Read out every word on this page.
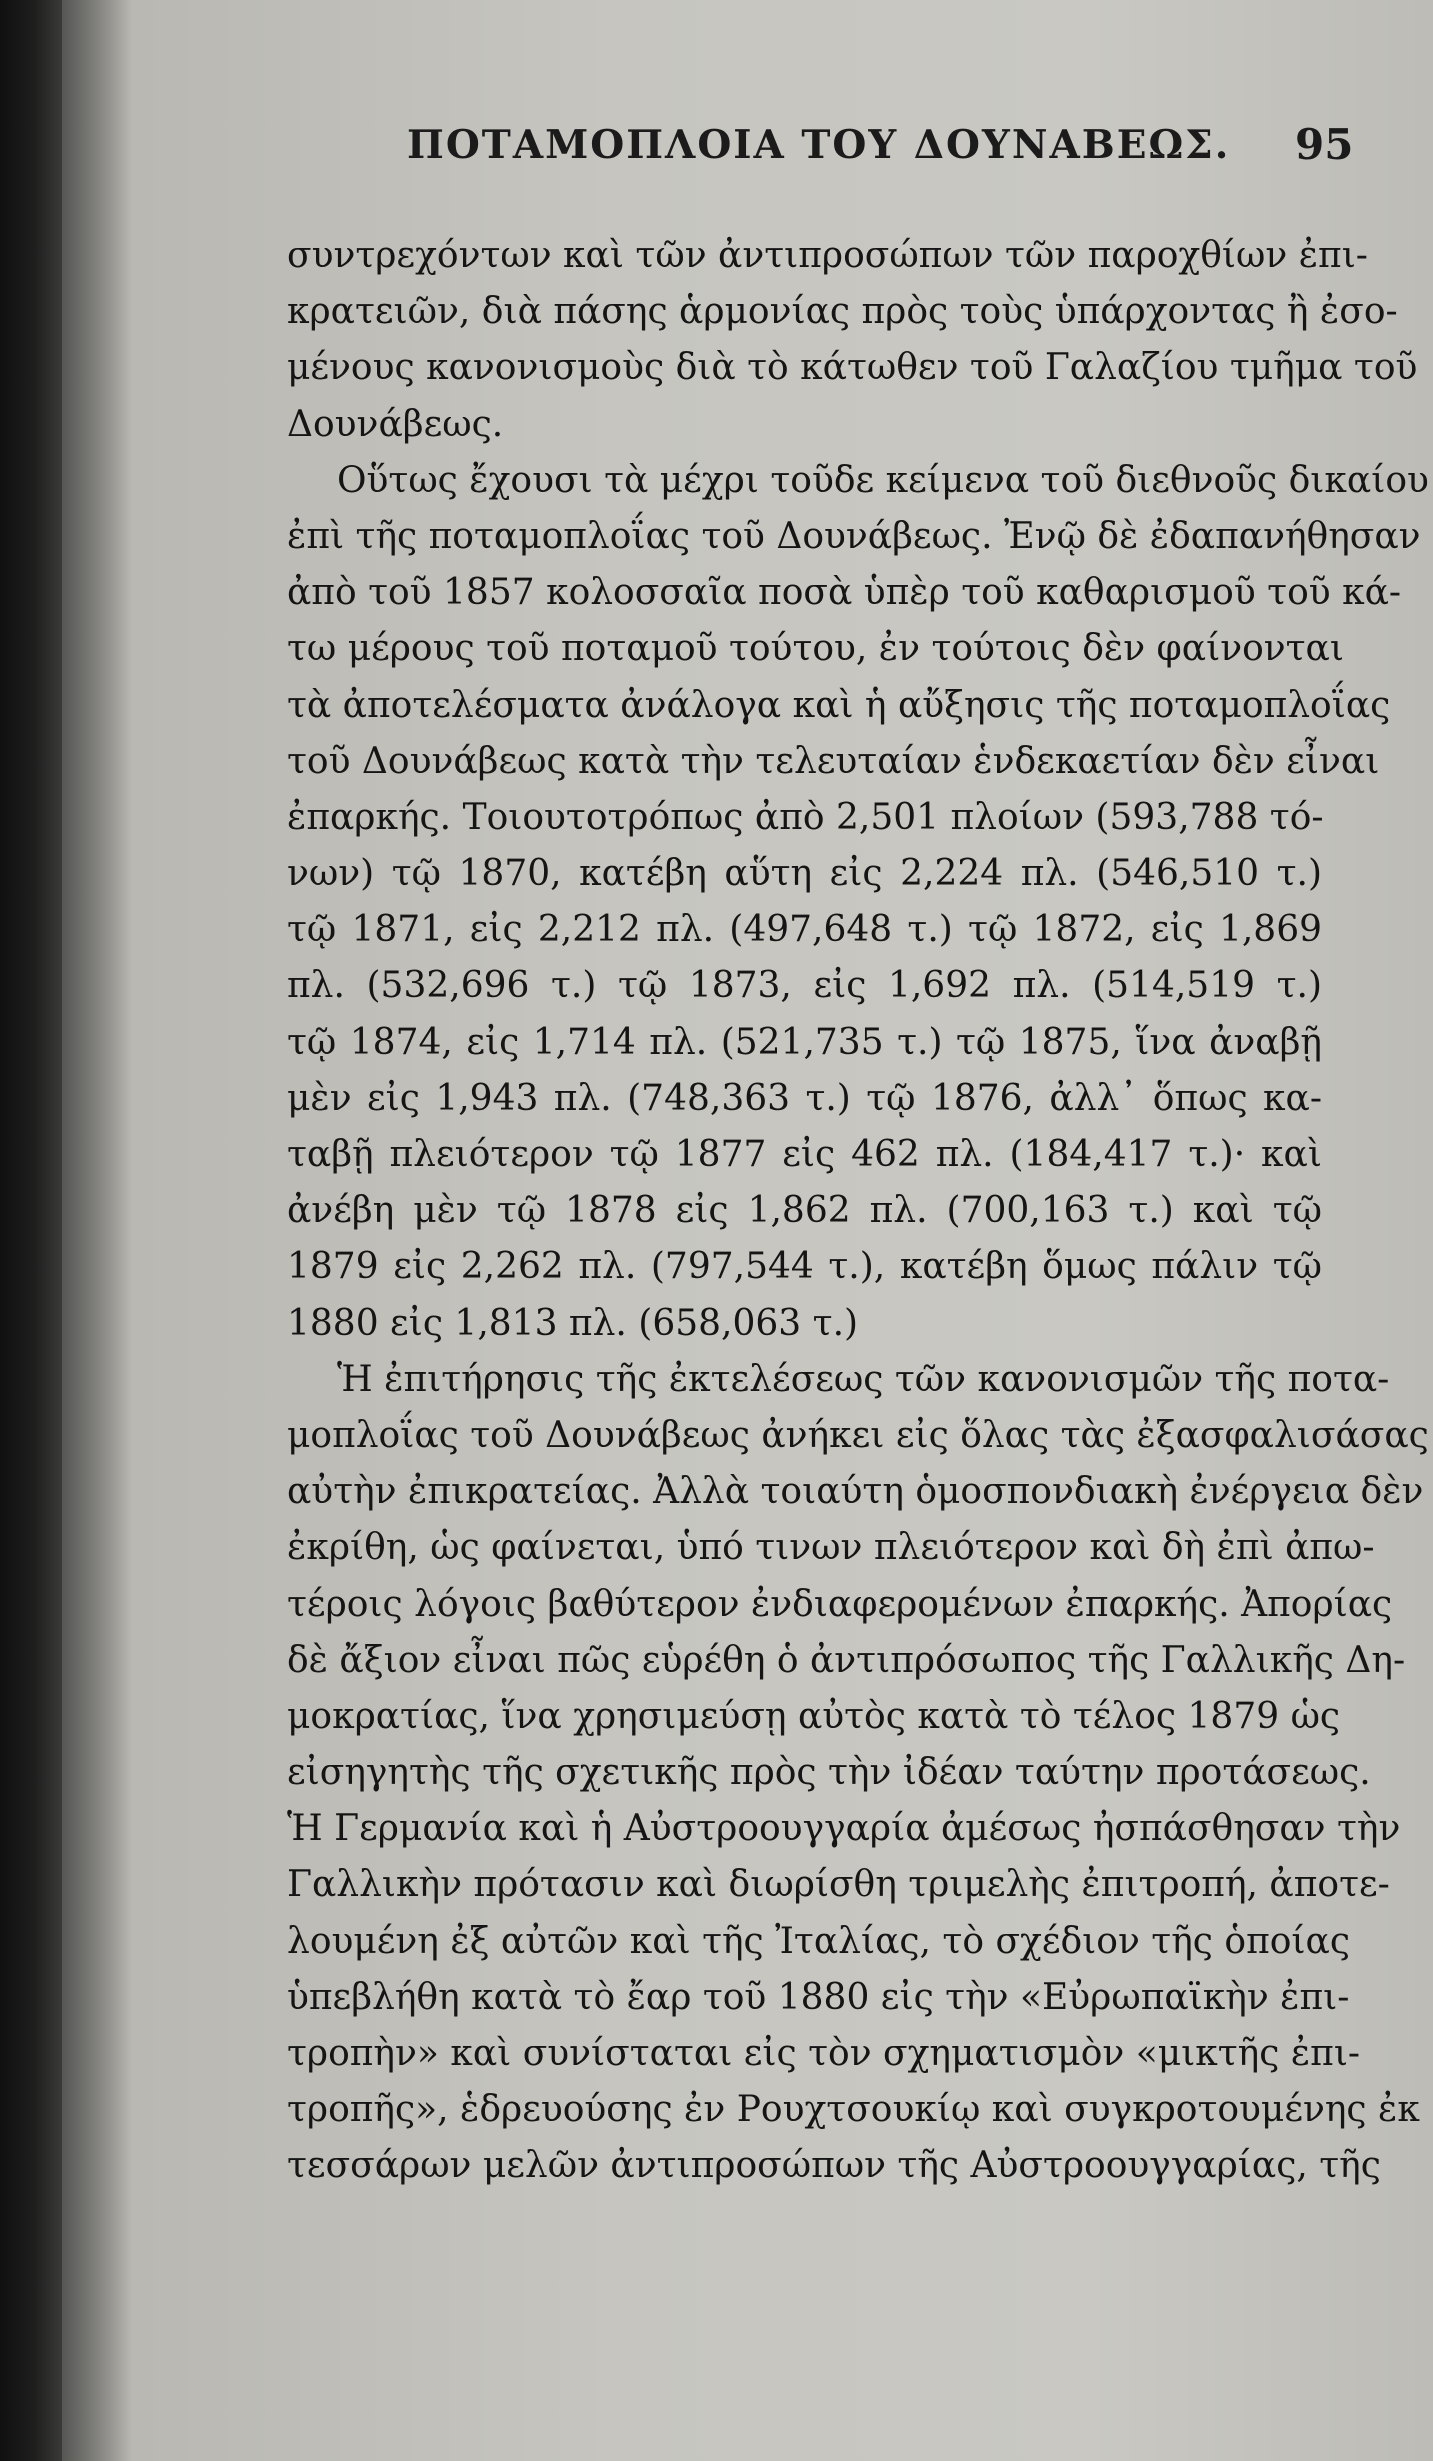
ΠΟΤΑΜΟΠΛΟΙΑ ΤΟΥ ΔΟΥΝΑΒΕΩΣ. 95
συντρεχόντων καὶ τῶν ἀντιπροσώπων τῶν παροχθίων ἐπι-
κρατειῶν, διὰ πάσης ἁρμονίας πρὸς τοὺς ὑπάρχοντας ἢ ἐσο-
μένους κανονισμοὺς διὰ τὸ κάτωθεν τοῦ Γαλαζίου τμῆμα τοῦ
Δουνάβεως.
Οὕτως ἔχουσι τὰ μέχρι τοῦδε κείμενα τοῦ διεθνοῦς δικαίου
ἐπὶ τῆς ποταμοπλοΐας τοῦ Δουνάβεως. Ἐνῷ δὲ ἐδαπανήθησαν
ἀπὸ τοῦ 1857 κολοσσαῖα ποσὰ ὑπὲρ τοῦ καθαρισμοῦ τοῦ κά-
τω μέρους τοῦ ποταμοῦ τούτου, ἐν τούτοις δὲν φαίνονται
τὰ ἀποτελέσματα ἀνάλογα καὶ ἡ αὔξησις τῆς ποταμοπλοΐας
τοῦ Δουνάβεως κατὰ τὴν τελευταίαν ἑνδεκαετίαν δὲν εἶναι
ἐπαρκής. Τοιουτοτρόπως ἀπὸ 2,501 πλοίων (593,788 τό-
νων) τῷ 1870, κατέβη αὕτη εἰς 2,224 πλ. (546,510 τ.)
τῷ 1871, εἰς 2,212 πλ. (497,648 τ.) τῷ 1872, εἰς 1,869
πλ. (532,696 τ.) τῷ 1873, εἰς 1,692 πλ. (514,519 τ.)
τῷ 1874, εἰς 1,714 πλ. (521,735 τ.) τῷ 1875, ἵνα ἀναβῇ
μὲν εἰς 1,943 πλ. (748,363 τ.) τῷ 1876, ἀλλ᾽ ὅπως κα-
ταβῇ πλειότερον τῷ 1877 εἰς 462 πλ. (184,417 τ.)· καὶ
ἀνέβη μὲν τῷ 1878 εἰς 1,862 πλ. (700,163 τ.) καὶ τῷ
1879 εἰς 2,262 πλ. (797,544 τ.), κατέβη ὅμως πάλιν τῷ
1880 εἰς 1,813 πλ. (658,063 τ.)
Ἡ ἐπιτήρησις τῆς ἐκτελέσεως τῶν κανονισμῶν τῆς ποτα-
μοπλοΐας τοῦ Δουνάβεως ἀνήκει εἰς ὅλας τὰς ἐξασφαλισάσας
αὐτὴν ἐπικρατείας. Ἀλλὰ τοιαύτη ὁμοσπονδιακὴ ἐνέργεια δὲν
ἐκρίθη, ὡς φαίνεται, ὑπό τινων πλειότερον καὶ δὴ ἐπὶ ἀπω-
τέροις λόγοις βαθύτερον ἐνδιαφερομένων ἐπαρκής. Ἀπορίας
δὲ ἄξιον εἶναι πῶς εὑρέθη ὁ ἀντιπρόσωπος τῆς Γαλλικῆς Δη-
μοκρατίας, ἵνα χρησιμεύσῃ αὐτὸς κατὰ τὸ τέλος 1879 ὡς
εἰσηγητὴς τῆς σχετικῆς πρὸς τὴν ἰδέαν ταύτην προτάσεως.
Ἡ Γερμανία καὶ ἡ Αὐστροουγγαρία ἀμέσως ἠσπάσθησαν τὴν
Γαλλικὴν πρότασιν καὶ διωρίσθη τριμελὴς ἐπιτροπή, ἀποτε-
λουμένη ἐξ αὐτῶν καὶ τῆς Ἰταλίας, τὸ σχέδιον τῆς ὁποίας
ὑπεβλήθη κατὰ τὸ ἔαρ τοῦ 1880 εἰς τὴν «Εὐρωπαϊκὴν ἐπι-
τροπὴν» καὶ συνίσταται εἰς τὸν σχηματισμὸν «μικτῆς ἐπι-
τροπῆς», ἑδρευούσης ἐν Ρουχτσουκίῳ καὶ συγκροτουμένης ἐκ
τεσσάρων μελῶν ἀντιπροσώπων τῆς Αὐστροουγγαρίας, τῆς
